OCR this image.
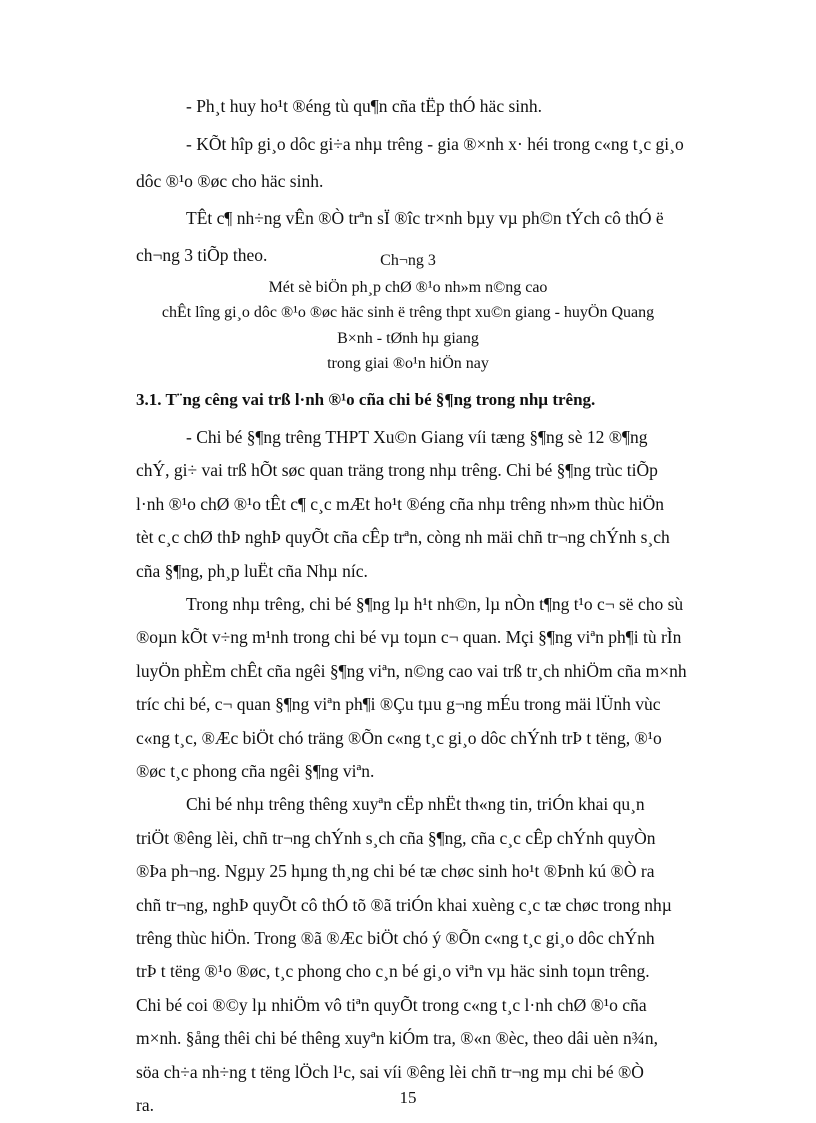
- Ph¸t huy ho¹t ®éng tù qu¶n cña tËp thÓ häc sinh.

- KÕt hîp gi¸o dôc gi÷a nhµ trêng - gia ®×nh x· héi trong c«ng t¸c gi¸o

dôc ®¹o ®øc cho häc sinh.

TÊt c¶ nh÷ng vÊn ®Ò trªn sÏ ®îc tr×nh bµy vµ ph©n tÝch cô thÓ ë

ch¬ng 3 tiÕp theo.	Ch¬ng 3

Mét sè biÖn ph¸p chØ ®¹o nh»m n©ng cao

chÊt lîng gi¸o dôc ®¹o ®øc häc sinh ë trêng thpt xu©n giang - huyÖn Quang

B×nh - tØnh hµ giang

trong giai ®o¹n hiÖn nay

3.1. T¨ng cêng vai trß l·nh ®¹o cña chi bé §¶ng trong nhµ trêng.

- Chi bé §¶ng trêng THPT Xu©n Giang víi tæng §¶ng sè 12 ®¶ng

chÝ, gi÷ vai trß hÕt søc quan träng trong nhµ trêng. Chi bé §¶ng trùc tiÕp

l·nh ®¹o chØ ®¹o tÊt c¶ c¸c mÆt ho¹t ®éng cña nhµ trêng nh»m thùc hiÖn

tèt c¸c chØ thÞ nghÞ quyÕt cña cÊp trªn, còng nh mäi chñ tr¬ng chÝnh s¸ch

cña §¶ng, ph¸p luËt cña Nhµ níc.

Trong nhµ trêng, chi bé §¶ng lµ h¹t nh©n, lµ nÒn t¶ng t¹o c¬ së cho sù

®oµn kÕt v÷ng m¹nh trong chi bé vµ toµn c¬ quan. Mçi §¶ng viªn ph¶i tù rÌn

luyÖn phÈm chÊt cña ngêi §¶ng viªn, n©ng cao vai trß tr¸ch nhiÖm cña m×nh

tríc chi bé, c¬ quan §¶ng viªn ph¶i ®Çu tµu g¬ng mÉu trong mäi lÜnh vùc

c«ng t¸c, ®Æc biÖt chó träng ®Õn c«ng t¸c gi¸o dôc chÝnh trÞ t tëng, ®¹o

®øc t¸c phong cña ngêi §¶ng viªn.

Chi bé nhµ trêng thêng xuyªn cËp nhËt th«ng tin, triÓn khai qu¸n

triÖt ®êng lèi, chñ tr¬ng chÝnh s¸ch cña §¶ng, cña c¸c cÊp chÝnh quyÒn

®Þa ph¬ng. Ngµy 25 hµng th¸ng chi bé tæ chøc sinh ho¹t ®Þnh kú ®Ò ra

chñ tr¬ng, nghÞ quyÕt cô thÓ tõ ®ã triÓn khai xuèng c¸c tæ chøc trong nhµ

trêng thùc hiÖn. Trong ®ã ®Æc biÖt chó ý ®Õn c«ng t¸c gi¸o dôc chÝnh

trÞ t tëng ®¹o ®øc, t¸c phong cho c¸n bé gi¸o viªn vµ häc sinh toµn trêng.

Chi bé coi ®©y lµ nhiÖm vô tiªn quyÕt trong c«ng t¸c l·nh chØ ®¹o cña

m×nh. §ång thêi chi bé thêng xuyªn kiÓm tra, ®«n ®èc, theo dâi uèn n¾n,

söa ch÷a nh÷ng t tëng lÖch l¹c, sai víi ®êng lèi chñ tr¬ng mµ chi bé ®Ò

ra.	15
